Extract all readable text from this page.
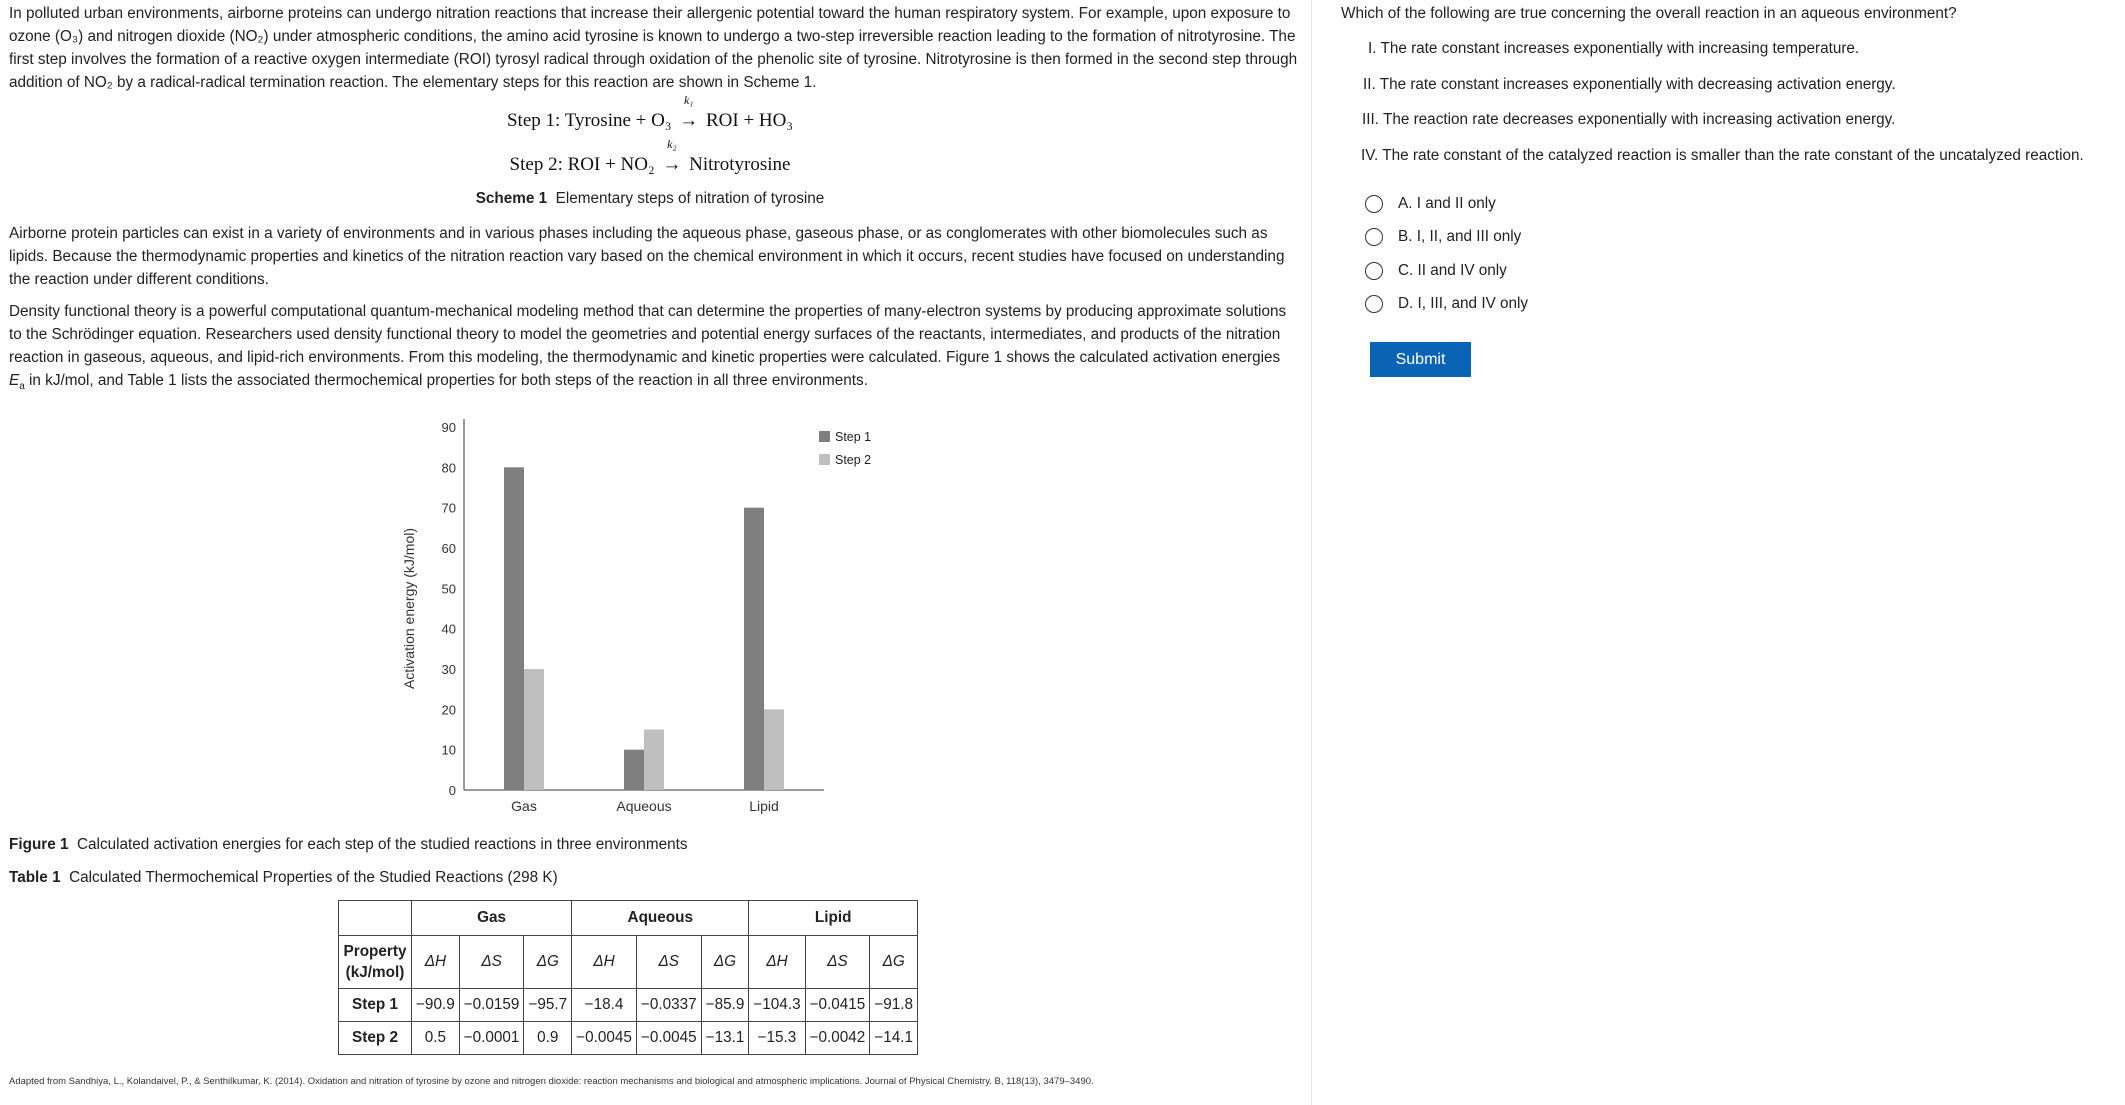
In polluted urban environments, airborne proteins can undergo nitration reactions that increase their allergenic potential toward the human respiratory system. For example, upon exposure to ozone (O₃) and nitrogen dioxide (NO₂) under atmospheric conditions, the amino acid tyrosine is known to undergo a two-step irreversible reaction leading to the formation of nitrotyrosine. The first step involves the formation of a reactive oxygen intermediate (ROI) tyrosyl radical through oxidation of the phenolic site of tyrosine. Nitrotyrosine is then formed in the second step through addition of NO₂ by a radical-radical termination reaction. The elementary steps for this reaction are shown in Scheme 1.

Step 1: Tyrosine + O₃
k₁
→ ROI + HO₃
Step 2: ROI + NO₂
k₂
→ Nitrotyrosine
Scheme 1 Elementary steps of nitration of tyrosine

Airborne protein particles can exist in a variety of environments and in various phases including the aqueous phase, gaseous phase, or as conglomerates with other biomolecules such as lipids. Because the thermodynamic properties and kinetics of the nitration reaction vary based on the chemical environment in which it occurs, recent studies have focused on understanding the reaction under different conditions.

Density functional theory is a powerful computational quantum-mechanical modeling method that can determine the properties of many-electron systems by producing approximate solutions to the Schrödinger equation. Researchers used density functional theory to model the geometries and potential energy surfaces of the reactants, intermediates, and products of the nitration reaction in gaseous, aqueous, and lipid-rich environments. From this modeling, the thermodynamic and kinetic properties were calculated. Figure 1 shows the calculated activation energies $E_a$ in kJ/mol, and Table 1 lists the associated thermochemical properties for both steps of the reaction in all three environments.

0
10
20
30
40
50
60
70
80
90
Activation energy (kJ/mol)
Gas	Aqueous	Lipid
Step 1
Step 2
Figure 1 Calculated activation energies for each step of the studied reactions in three environments
Table 1 Calculated Thermochemical Properties of the Studied Reactions (298 K)
	Gas			Aqueous			Lipid		
Property
(kJ/mol)	ΔH	ΔS	ΔG	ΔH	ΔS	ΔG	ΔH	ΔS	ΔG
Step 1	−90.9	−0.0159	−95.7	−18.4	−0.0337	−85.9	−104.3	−0.0415	−91.8
Step 2	0.5	−0.0001	0.9	−0.0045	−0.0045	−13.1	−15.3	−0.0042	−14.1
Adapted from Sandhiya, L., Kolandaivel, P., & Senthilkumar, K. (2014). Oxidation and nitration of tyrosine by ozone and nitrogen dioxide: reaction mechanisms and biological and atmospheric implications. Journal of Physical Chemistry. B, 118(13), 3479–3490.
Which of the following are true concerning the overall reaction in an aqueous environment?
I. The rate constant increases exponentially with increasing temperature.
II. The rate constant increases exponentially with decreasing activation energy.
III. The reaction rate decreases exponentially with increasing activation energy.
IV. The rate constant of the catalyzed reaction is smaller than the rate constant of the uncatalyzed reaction.
A. I and II only
B. I, II, and III only
C. II and IV only
D. I, III, and IV only
Submit
